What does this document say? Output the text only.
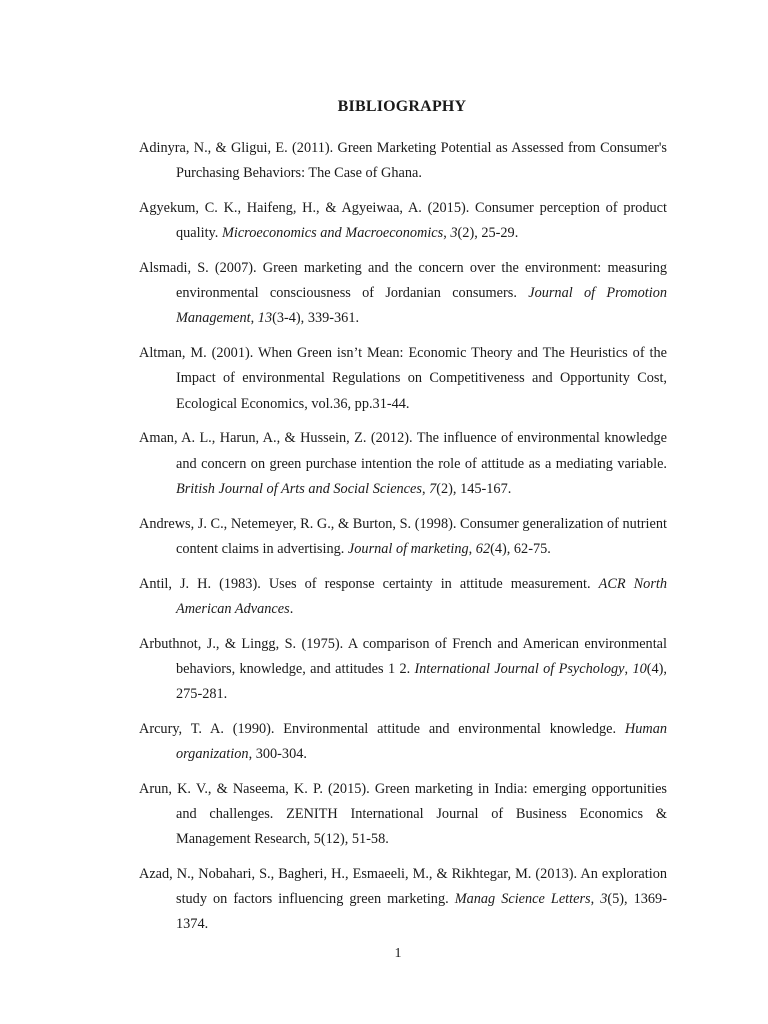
BIBLIOGRAPHY
Adinyra, N., & Gligui, E. (2011). Green Marketing Potential as Assessed from Consumer's Purchasing Behaviors: The Case of Ghana.
Agyekum, C. K., Haifeng, H., & Agyeiwaa, A. (2015). Consumer perception of product quality. Microeconomics and Macroeconomics, 3(2), 25-29.
Alsmadi, S. (2007). Green marketing and the concern over the environment: measuring environmental consciousness of Jordanian consumers. Journal of Promotion Management, 13(3-4), 339-361.
Altman, M. (2001). When Green isn’t Mean: Economic Theory and The Heuristics of the Impact of environmental Regulations on Competitiveness and Opportunity Cost, Ecological Economics, vol.36, pp.31-44.
Aman, A. L., Harun, A., & Hussein, Z. (2012). The influence of environmental knowledge and concern on green purchase intention the role of attitude as a mediating variable. British Journal of Arts and Social Sciences, 7(2), 145-167.
Andrews, J. C., Netemeyer, R. G., & Burton, S. (1998). Consumer generalization of nutrient content claims in advertising. Journal of marketing, 62(4), 62-75.
Antil, J. H. (1983). Uses of response certainty in attitude measurement. ACR North American Advances.
Arbuthnot, J., & Lingg, S. (1975). A comparison of French and American environmental behaviors, knowledge, and attitudes 1 2. International Journal of Psychology, 10(4), 275-281.
Arcury, T. A. (1990). Environmental attitude and environmental knowledge. Human organization, 300-304.
Arun, K. V., & Naseema, K. P. (2015). Green marketing in India: emerging opportunities and challenges. ZENITH International Journal of Business Economics & Management Research, 5(12), 51-58.
Azad, N., Nobahari, S., Bagheri, H., Esmaeeli, M., & Rikhtegar, M. (2013). An exploration study on factors influencing green marketing. Manag Science Letters, 3(5), 1369-1374.
1
